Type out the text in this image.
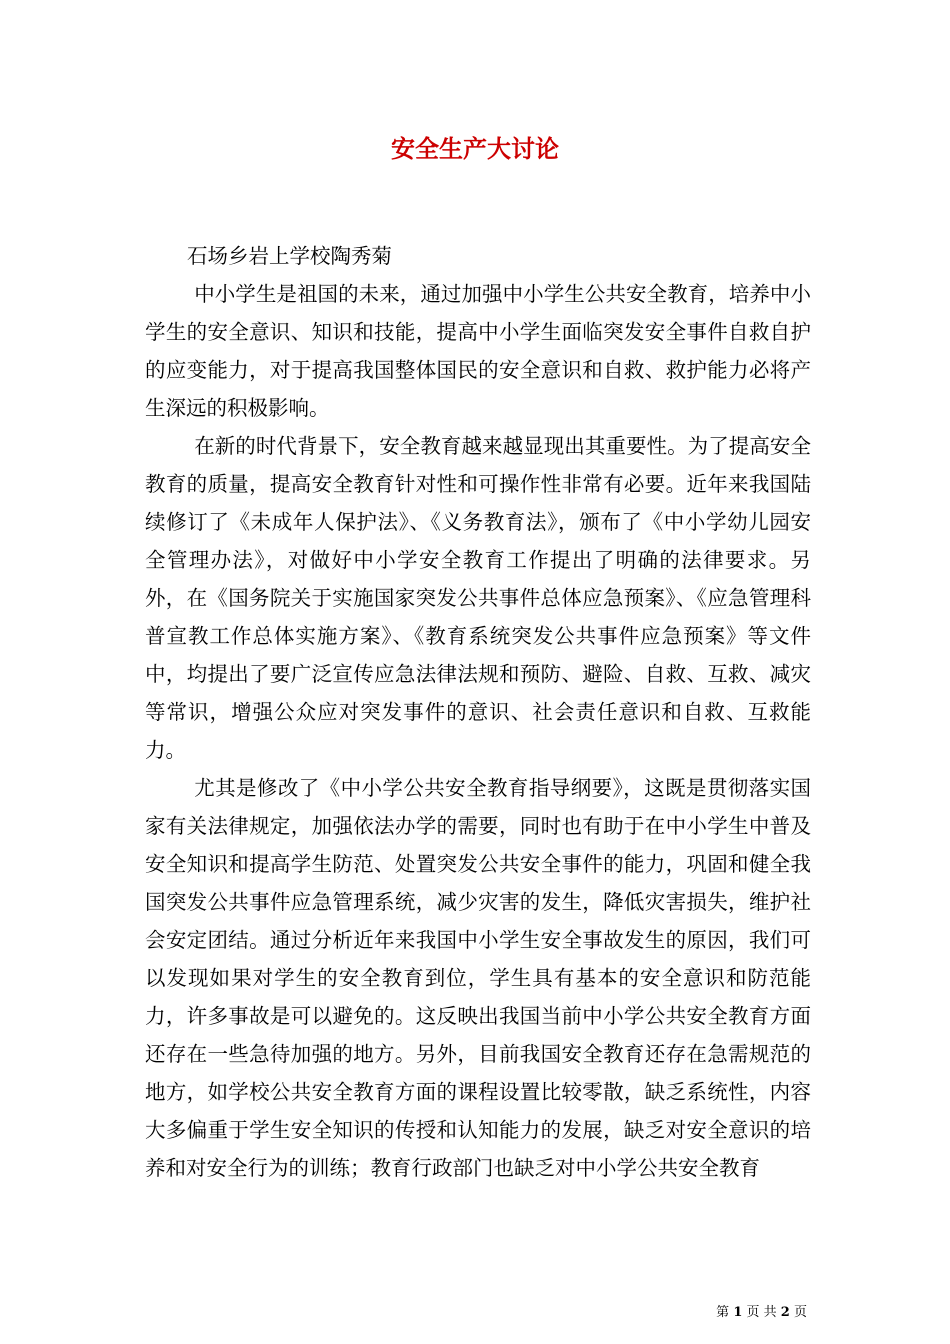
安全生产大讨论

石场乡岩上学校陶秀菊

中小学生是祖国的未来，通过加强中小学生公共安全教育，培养中小学生的安全意识、知识和技能，提高中小学生面临突发安全事件自救自护的应变能力，对于提高我国整体国民的安全意识和自救、救护能力必将产生深远的积极影响。

在新的时代背景下，安全教育越来越显现出其重要性。为了提高安全教育的质量，提高安全教育针对性和可操作性非常有必要。近年来我国陆续修订了《未成年人保护法》、《义务教育法》，颁布了《中小学幼儿园安全管理办法》，对做好中小学安全教育工作提出了明确的法律要求。另外，在《国务院关于实施国家突发公共事件总体应急预案》、《应急管理科普宣教工作总体实施方案》、《教育系统突发公共事件应急预案》等文件中，均提出了要广泛宣传应急法律法规和预防、避险、自救、互救、减灾等常识，增强公众应对突发事件的意识、社会责任意识和自救、互救能力。

尤其是修改了《中小学公共安全教育指导纲要》，这既是贯彻落实国家有关法律规定，加强依法办学的需要，同时也有助于在中小学生中普及安全知识和提高学生防范、处置突发公共安全事件的能力，巩固和健全我国突发公共事件应急管理系统，减少灾害的发生，降低灾害损失，维护社会安定团结。通过分析近年来我国中小学生安全事故发生的原因，我们可以发现如果对学生的安全教育到位，学生具有基本的安全意识和防范能力，许多事故是可以避免的。这反映出我国当前中小学公共安全教育方面还存在一些急待加强的地方。另外，目前我国安全教育还存在急需规范的地方，如学校公共安全教育方面的课程设置比较零散，缺乏系统性，内容大多偏重于学生安全知识的传授和认知能力的发展，缺乏对安全意识的培养和对安全行为的训练；教育行政部门也缺乏对中小学公共安全教育

第 1 页 共 2 页
